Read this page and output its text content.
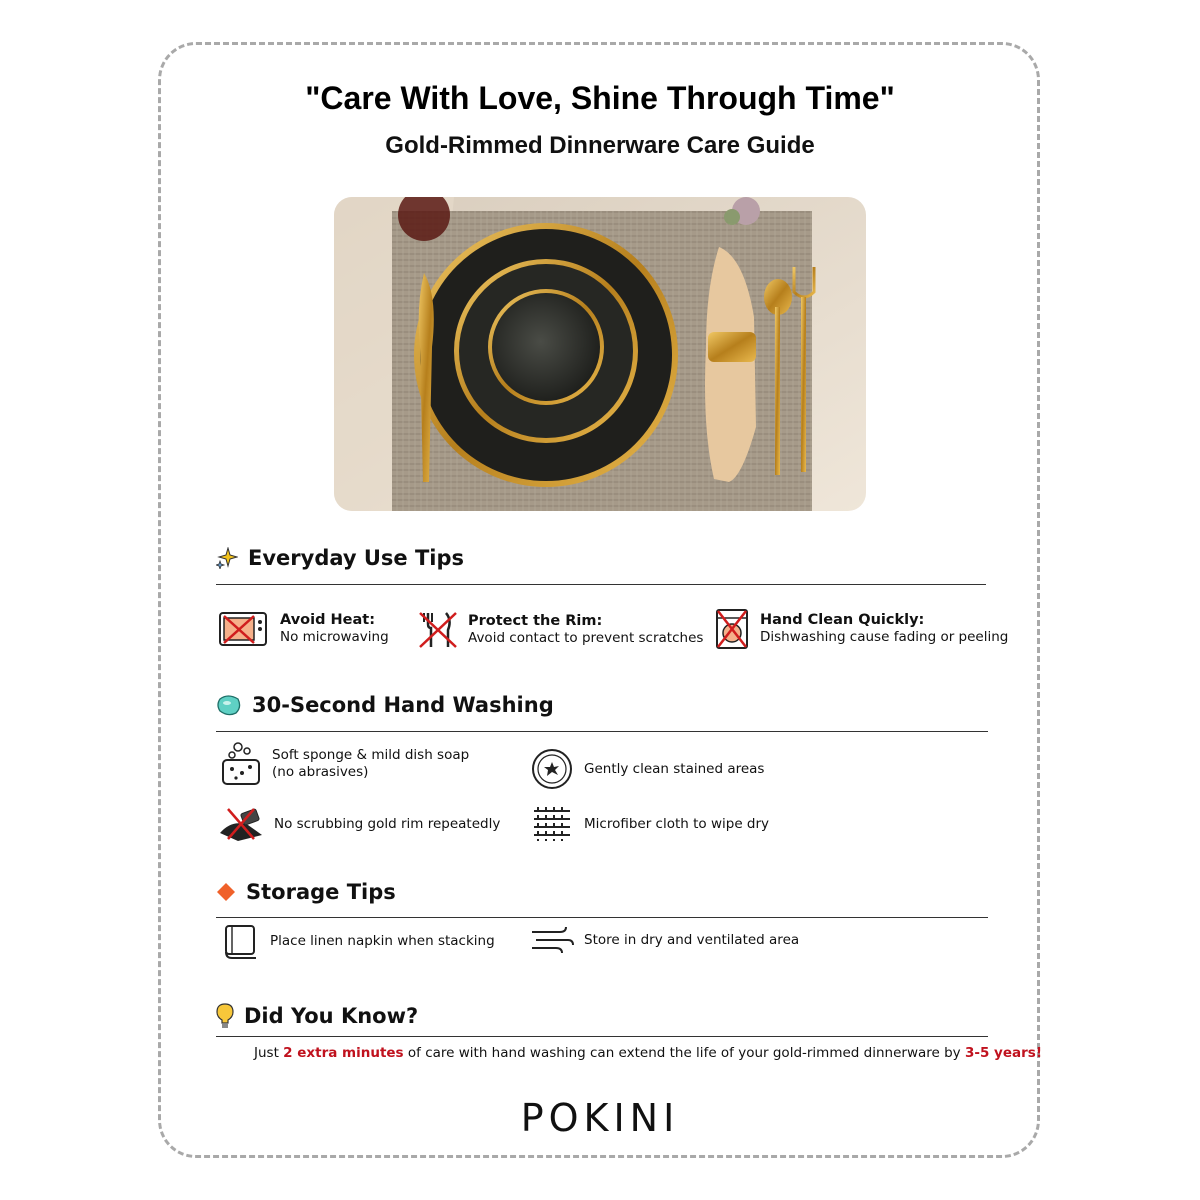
"Care With Love, Shine Through Time"
Gold-Rimmed Dinnerware Care Guide
Everyday Use Tips
Avoid Heat:
No microwaving
Protect the Rim:
Avoid contact to prevent scratches
Hand Clean Quickly:
Dishwashing cause fading or peeling
30-Second Hand Washing
Soft sponge & mild dish soap
(no abrasives)	Gently clean stained areas
No scrubbing gold rim repeatedly	Microfiber cloth to wipe dry
Storage Tips
Place linen napkin when stacking	Store in dry and ventilated area
Did You Know?
Just 2 extra minutes of care with hand washing can extend the life of your gold-rimmed dinnerware by 3-5 years!
POKINI
